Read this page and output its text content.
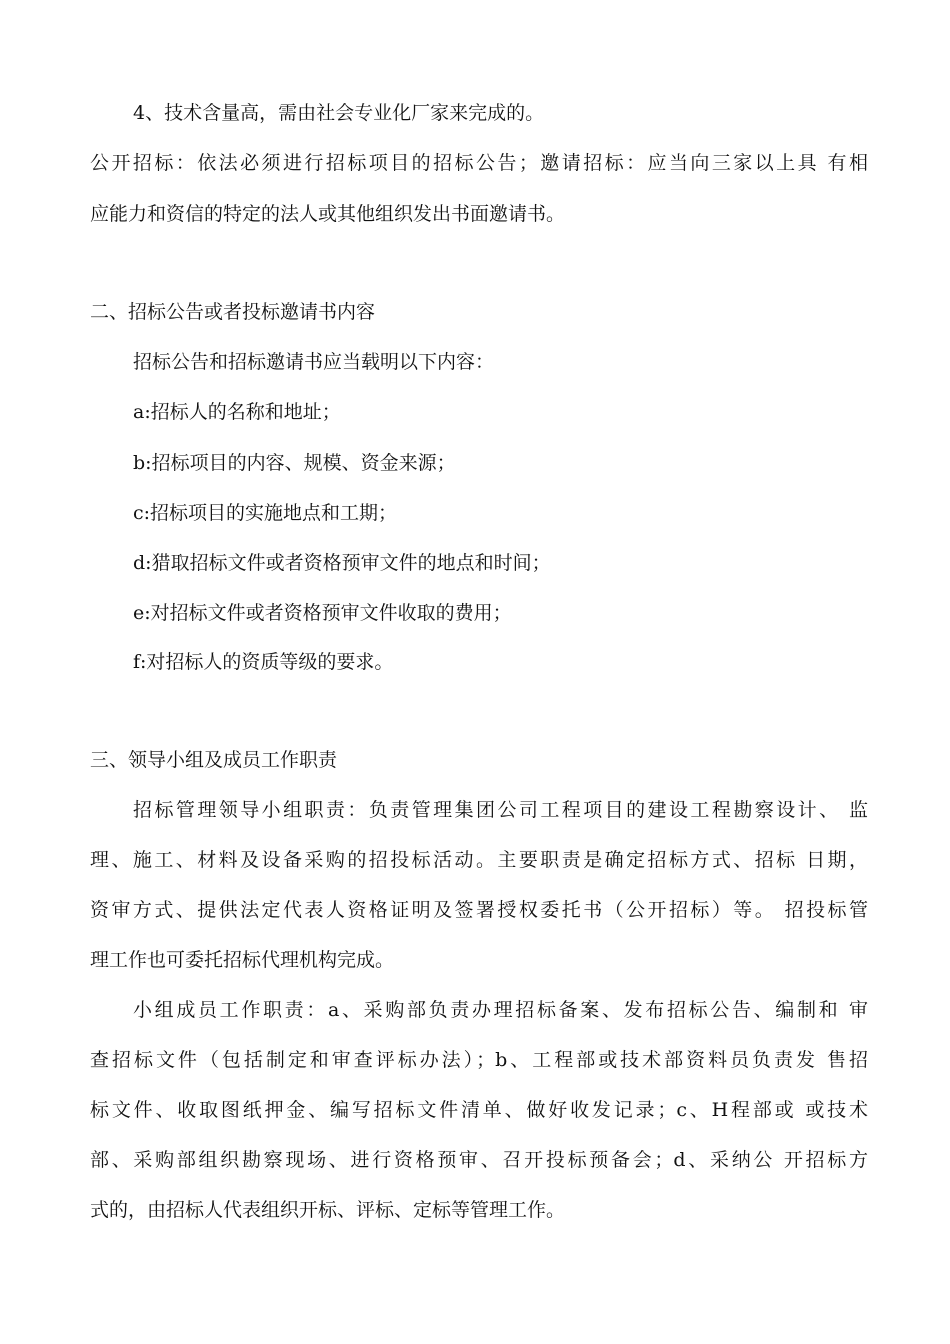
4、技术含量高，需由社会专业化厂家来完成的。
公开招标：依法必须进行招标项目的招标公告；邀请招标：应当向三家以上具 有相
应能力和资信的特定的法人或其他组织发出书面邀请书。
二、招标公告或者投标邀请书内容
招标公告和招标邀请书应当载明以下内容：
a:招标人的名称和地址；
b:招标项目的内容、规模、资金来源；
c:招标项目的实施地点和工期；
d:猎取招标文件或者资格预审文件的地点和时间；
e:对招标文件或者资格预审文件收取的费用；
f:对招标人的资质等级的要求。
三、领导小组及成员工作职责
招标管理领导小组职责：负责管理集团公司工程项目的建设工程勘察设计、 监
理、施工、材料及设备采购的招投标活动。主要职责是确定招标方式、招标 日期，
资审方式、提供法定代表人资格证明及签署授权委托书（公开招标）等。 招投标管
理工作也可委托招标代理机构完成。
小组成员工作职责：a、采购部负责办理招标备案、发布招标公告、编制和 审
查招标文件（包括制定和审查评标办法）；b、工程部或技术部资料员负责发 售招
标文件、收取图纸押金、编写招标文件清单、做好收发记录；c、H程部或 或技术
部、采购部组织勘察现场、进行资格预审、召开投标预备会；d、采纳公 开招标方
式的，由招标人代表组织开标、评标、定标等管理工作。
